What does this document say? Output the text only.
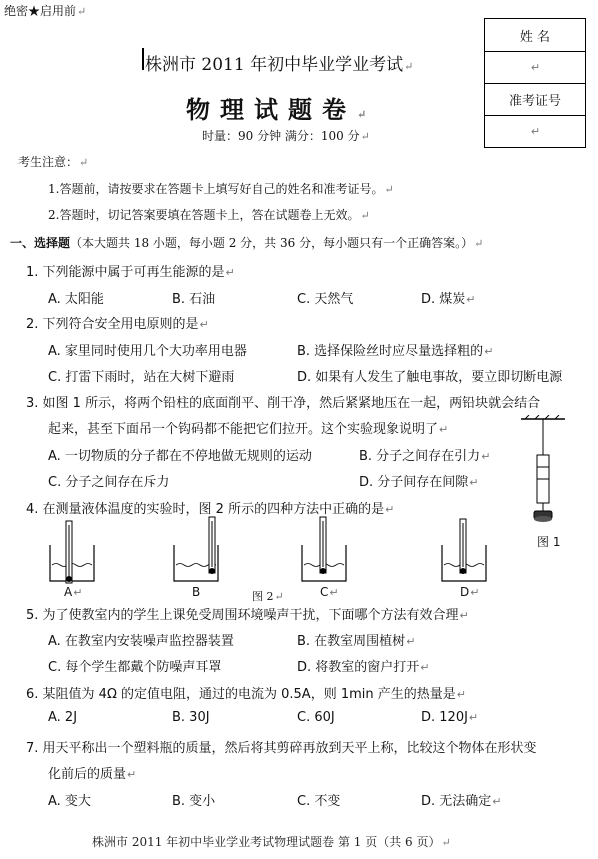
绝密★启用前↵
姓 名
↵
准考证号
↵
株洲市 2011 年初中毕业学业考试↵
物理试题卷↵
时量：90 分钟 满分：100 分↵
考生注意：↵
1.答题前，请按要求在答题卡上填写好自己的姓名和准考证号。↵
2.答题时，切记答案要填在答题卡上，答在试题卷上无效。↵
一、选择题（本大题共 18 小题，每小题 2 分，共 36 分，每小题只有一个正确答案。）↵
1. 下列能源中属于可再生能源的是↵
A. 太阳能	B. 石油	C. 天然气	D. 煤炭↵
2. 下列符合安全用电原则的是↵
A. 家里同时使用几个大功率用电器	B. 选择保险丝时应尽量选择粗的↵
C. 打雷下雨时，站在大树下避雨	D. 如果有人发生了触电事故，要立即切断电源
3. 如图 1 所示，将两个铅柱的底面削平、削干净，然后紧紧地压在一起，两铅块就会结合
起来，甚至下面吊一个钩码都不能把它们拉开。这个实验现象说明了↵
A. 一切物质的分子都在不停地做无规则的运动	B. 分子之间存在引力↵
C. 分子之间存在斥力	D. 分子间存在间隙↵
图 1
4. 在测量液体温度的实验时，图 2 所示的四种方法中正确的是↵
A↵	B	图 2↵	C↵	D↵
5. 为了使教室内的学生上课免受周围环境噪声干扰，下面哪个方法有效合理↵
A. 在教室内安装噪声监控器装置	B. 在教室周围植树↵
C. 每个学生都戴个防噪声耳罩	D. 将教室的窗户打开↵
6. 某阻值为 4Ω 的定值电阻，通过的电流为 0.5A，则 1min 产生的热量是↵
A. 2J	B. 30J	C. 60J	D. 120J↵
7. 用天平称出一个塑料瓶的质量，然后将其剪碎再放到天平上称，比较这个物体在形状变
化前后的质量↵
A. 变大	B. 变小	C. 不变	D. 无法确定↵
株洲市 2011 年初中毕业学业考试物理试题卷 第 1 页（共 6 页）↵
